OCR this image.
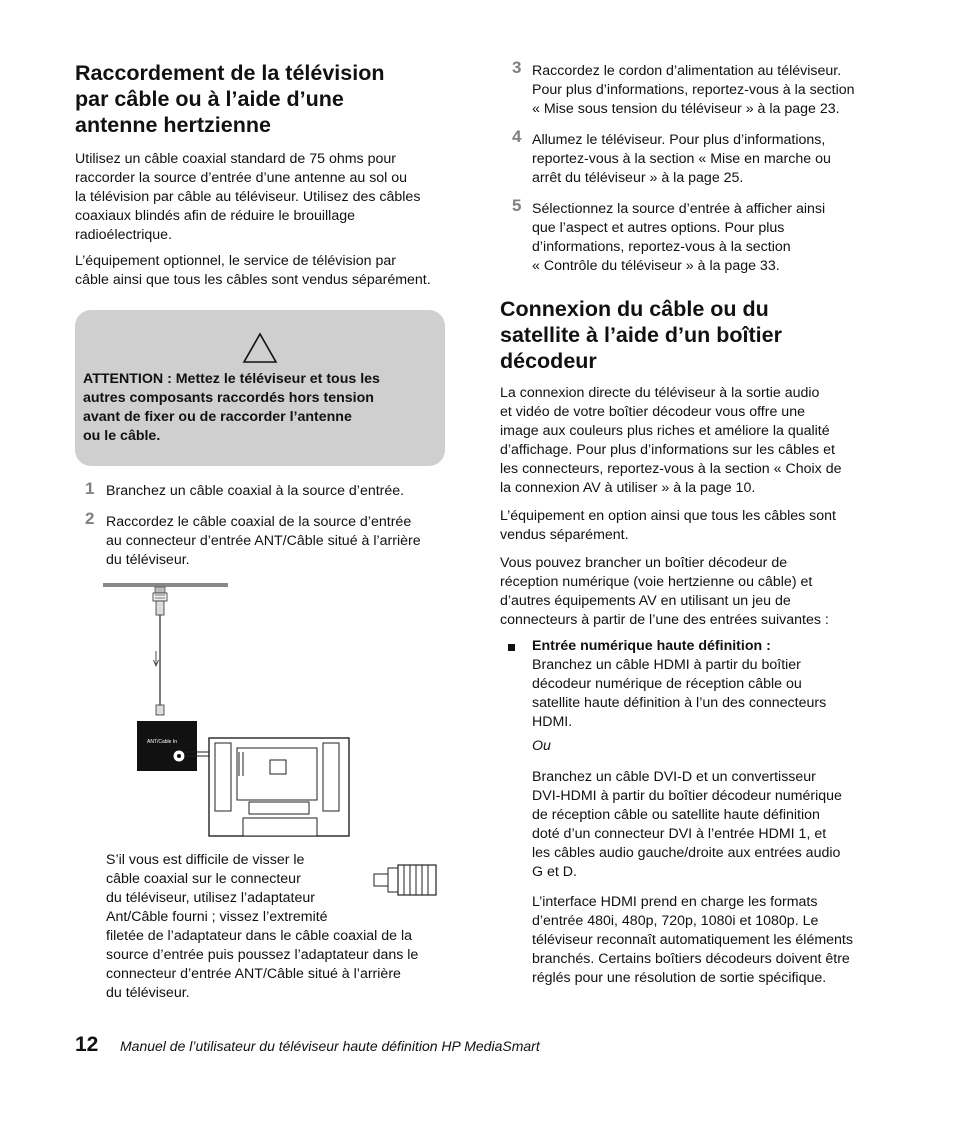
Raccordement de la télévision
par câble ou à l’aide d’une
antenne hertzienne
Utilisez un câble coaxial standard de 75 ohms pour
raccorder la source d’entrée d’une antenne au sol ou
la télévision par câble au téléviseur. Utilisez des câbles
coaxiaux blindés afin de réduire le brouillage
radioélectrique.
L’équipement optionnel, le service de télévision par
câble ainsi que tous les câbles sont vendus séparément.
ATTENTION : Mettez le téléviseur et tous les
autres composants raccordés hors tension
avant de fixer ou de raccorder l’antenne
ou le câble.
1 Branchez un câble coaxial à la source d’entrée.
2 Raccordez le câble coaxial de la source d’entrée
au connecteur d’entrée ANT/Câble situé à l’arrière
du téléviseur.
ANT/Cable In
S’il vous est difficile de visser le
câble coaxial sur le connecteur
du téléviseur, utilisez l’adaptateur
Ant/Câble fourni ; vissez l’extremité
filetée de l’adaptateur dans le câble coaxial de la
source d’entrée puis poussez l’adaptateur dans le
connecteur d’entrée ANT/Câble situé à l’arrière
du téléviseur.
3 Raccordez le cordon d’alimentation au téléviseur.
Pour plus d’informations, reportez-vous à la section
« Mise sous tension du téléviseur » à la page 23.
4 Allumez le téléviseur. Pour plus d’informations,
reportez-vous à la section « Mise en marche ou
arrêt du téléviseur » à la page 25.
5 Sélectionnez la source d’entrée à afficher ainsi
que l’aspect et autres options. Pour plus
d’informations, reportez-vous à la section
« Contrôle du téléviseur » à la page 33.
Connexion du câble ou du
satellite à l’aide d’un boîtier
décodeur
La connexion directe du téléviseur à la sortie audio
et vidéo de votre boîtier décodeur vous offre une
image aux couleurs plus riches et améliore la qualité
d’affichage. Pour plus d’informations sur les câbles et
les connecteurs, reportez-vous à la section « Choix de
la connexion AV à utiliser » à la page 10.
L’équipement en option ainsi que tous les câbles sont
vendus séparément.
Vous pouvez brancher un boîtier décodeur de
réception numérique (voie hertzienne ou câble) et
d’autres équipements AV en utilisant un jeu de
connecteurs à partir de l’une des entrées suivantes :
Entrée numérique haute définition :
Branchez un câble HDMI à partir du boîtier
décodeur numérique de réception câble ou
satellite haute définition à l’un des connecteurs
HDMI.
Ou
Branchez un câble DVI-D et un convertisseur
DVI-HDMI à partir du boîtier décodeur numérique
de réception câble ou satellite haute définition
doté d’un connecteur DVI à l’entrée HDMI 1, et
les câbles audio gauche/droite aux entrées audio
G et D.
L’interface HDMI prend en charge les formats
d’entrée 480i, 480p, 720p, 1080i et 1080p. Le
téléviseur reconnaît automatiquement les éléments
branchés. Certains boîtiers décodeurs doivent être
réglés pour une résolution de sortie spécifique.
12 Manuel de l’utilisateur du téléviseur haute définition HP MediaSmart
